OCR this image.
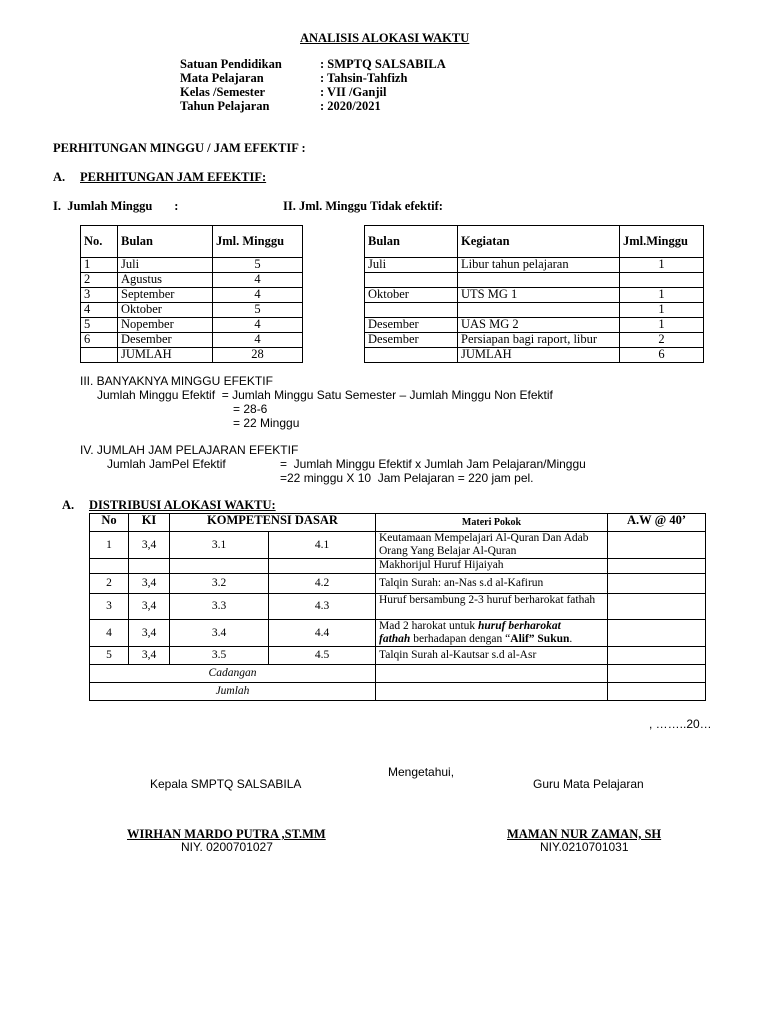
ANALISIS ALOKASI WAKTU
Satuan Pendidikan	: SMPTQ SALSABILA
Mata Pelajaran	: Tahsin-Tahfizh
Kelas /Semester	: VII /Ganjil
Tahun Pelajaran	: 2020/2021
PERHITUNGAN MINGGU / JAM EFEKTIF :
A. PERHITUNGAN JAM EFEKTIF:
I.  Jumlah Minggu       :	II. Jml. Minggu Tidak efektif:
No.	Bulan	Jml. Minggu
1	Juli	5
2	Agustus	4
3	September	4
4	Oktober	5
5	Nopember	4
6	Desember	4
	JUMLAH	28
Bulan	Kegiatan	Jml.Minggu
Juli	Libur tahun pelajaran	1

Oktober	UTS MG 1	1
		1
Desember	UAS MG 2	1
Desember	Persiapan bagi raport, libur	2
	JUMLAH	6
III. BANYAKNYA MINGGU EFEKTIF
Jumlah Minggu Efektif  = Jumlah Minggu Satu Semester – Jumlah Minggu Non Efektif
= 28-6
= 22 Minggu
IV. JUMLAH JAM PELAJARAN EFEKTIF
Jumlah JamPel Efektif	=  Jumlah Minggu Efektif x Jumlah Jam Pelajaran/Minggu
=22 minggu X 10  Jam Pelajaran = 220 jam pel.
A. DISTRIBUSI ALOKASI WAKTU:
No	KI	KOMPETENSI DASAR		Materi Pokok	A.W @ 40’
1	3,4	3.1	4.1	Keutamaan Mempelajari Al-Quran Dan Adab Orang Yang Belajar Al-Quran	
				Makhorijul Huruf Hijaiyah	
2	3,4	3.2	4.2	Talqin Surah: an-Nas s.d al-Kafirun	
3	3,4	3.3	4.3	Huruf bersambung 2-3 huruf berharokat fathah	
4	3,4	3.4	4.4	Mad 2 harokat untuk huruf berharokat
fathah berhadapan dengan “Alif” Sukun.	
5	3,4	3.5	4.5	Talqin Surah al-Kautsar s.d al-Asr	
Cadangan					
Jumlah					
, ……..20…
Mengetahui,
Kepala SMPTQ SALSABILA	Guru Mata Pelajaran
WIRHAN MARDO PUTRA ,ST.MM
NIY. 0200701027
MAMAN NUR ZAMAN, SH
NIY.0210701031
